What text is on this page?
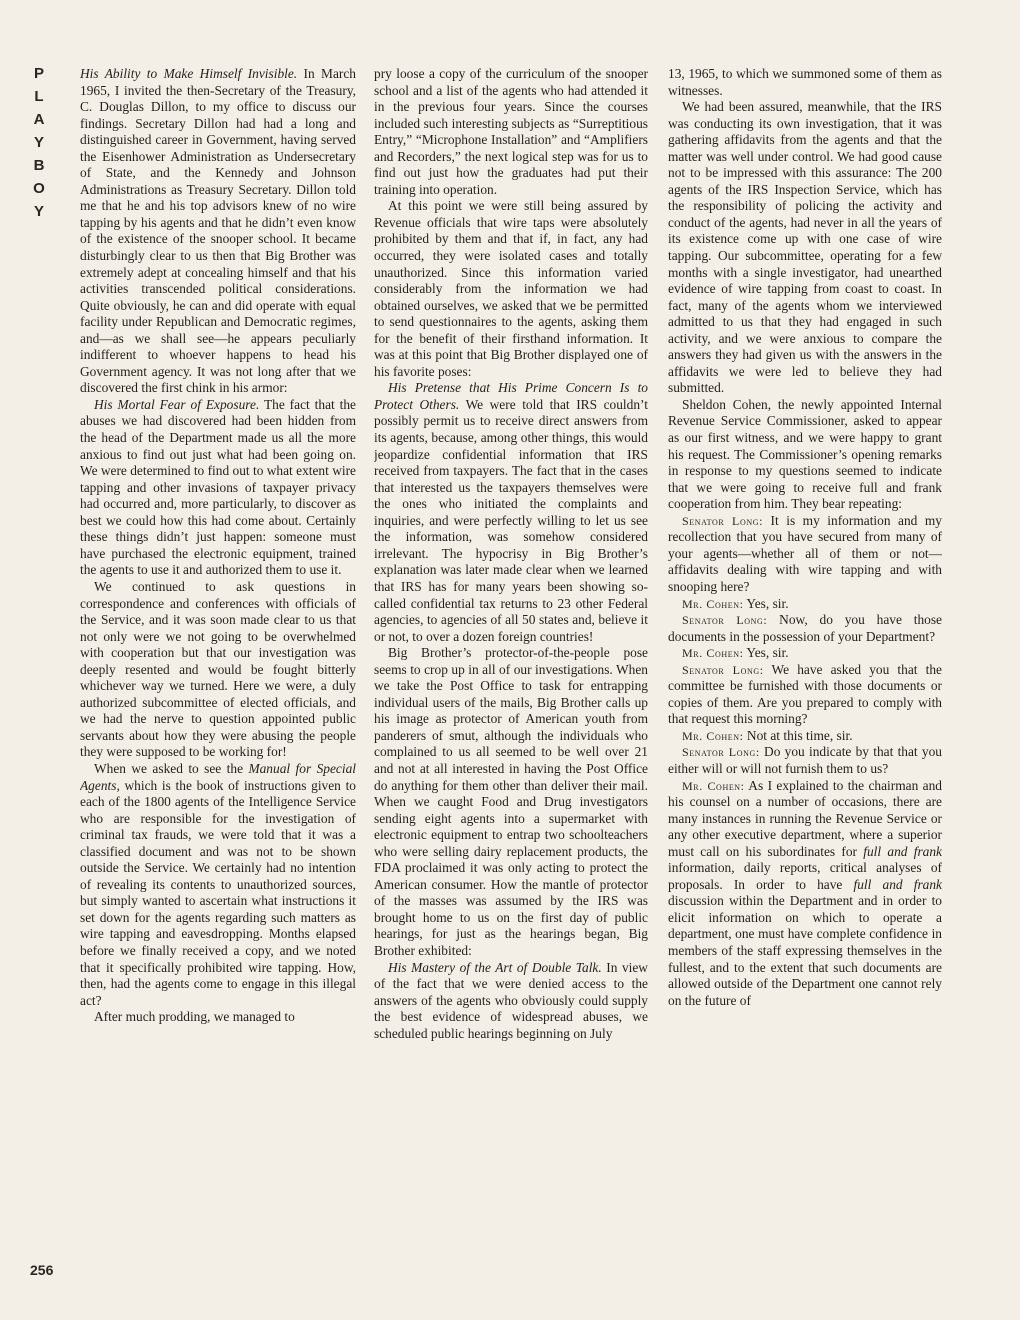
P
L
A
Y
B
O
Y

His Ability to Make Himself Invisible. In March 1965, I invited the then-Secretary of the Treasury, C. Douglas Dillon, to my office to discuss our findings. Secretary Dillon had had a long and distinguished career in Government, having served the Eisenhower Administration as Undersecretary of State, and the Kennedy and Johnson Administrations as Treasury Secretary. Dillon told me that he and his top advisors knew of no wire tapping by his agents and that he didn’t even know of the existence of the snooper school. It became disturbingly clear to us then that Big Brother was extremely adept at concealing himself and that his activities transcended political considerations. Quite obviously, he can and did operate with equal facility under Republican and Democratic regimes, and—as we shall see—he appears peculiarly indifferent to whoever happens to head his Government agency. It was not long after that we discovered the first chink in his armor:

His Mortal Fear of Exposure. The fact that the abuses we had discovered had been hidden from the head of the Department made us all the more anxious to find out just what had been going on. We were determined to find out to what extent wire tapping and other invasions of taxpayer privacy had occurred and, more particularly, to discover as best we could how this had come about. Certainly these things didn’t just happen: someone must have purchased the electronic equipment, trained the agents to use it and authorized them to use it.

We continued to ask questions in correspondence and conferences with officials of the Service, and it was soon made clear to us that not only were we not going to be overwhelmed with cooperation but that our investigation was deeply resented and would be fought bitterly whichever way we turned. Here we were, a duly authorized subcommittee of elected officials, and we had the nerve to question appointed public servants about how they were abusing the people they were supposed to be working for!

When we asked to see the Manual for Special Agents, which is the book of instructions given to each of the 1800 agents of the Intelligence Service who are responsible for the investigation of criminal tax frauds, we were told that it was a classified document and was not to be shown outside the Service. We certainly had no intention of revealing its contents to unauthorized sources, but simply wanted to ascertain what instructions it set down for the agents regarding such matters as wire tapping and eavesdropping. Months elapsed before we finally received a copy, and we noted that it specifically prohibited wire tapping. How, then, had the agents come to engage in this illegal act?

After much prodding, we managed to

pry loose a copy of the curriculum of the snooper school and a list of the agents who had attended it in the previous four years. Since the courses included such interesting subjects as “Surreptitious Entry,” “Microphone Installation” and “Amplifiers and Recorders,” the next logical step was for us to find out just how the graduates had put their training into operation.

At this point we were still being assured by Revenue officials that wire taps were absolutely prohibited by them and that if, in fact, any had occurred, they were isolated cases and totally unauthorized. Since this information varied considerably from the information we had obtained ourselves, we asked that we be permitted to send questionnaires to the agents, asking them for the benefit of their firsthand information. It was at this point that Big Brother displayed one of his favorite poses:

His Pretense that His Prime Concern Is to Protect Others. We were told that IRS couldn’t possibly permit us to receive direct answers from its agents, because, among other things, this would jeopardize confidential information that IRS received from taxpayers. The fact that in the cases that interested us the taxpayers themselves were the ones who initiated the complaints and inquiries, and were perfectly willing to let us see the information, was somehow considered irrelevant. The hypocrisy in Big Brother’s explanation was later made clear when we learned that IRS has for many years been showing so-called confidential tax returns to 23 other Federal agencies, to agencies of all 50 states and, believe it or not, to over a dozen foreign countries!

Big Brother’s protector-of-the-people pose seems to crop up in all of our investigations. When we take the Post Office to task for entrapping individual users of the mails, Big Brother calls up his image as protector of American youth from panderers of smut, although the individuals who complained to us all seemed to be well over 21 and not at all interested in having the Post Office do anything for them other than deliver their mail. When we caught Food and Drug investigators sending eight agents into a supermarket with electronic equipment to entrap two schoolteachers who were selling dairy replacement products, the FDA proclaimed it was only acting to protect the American consumer. How the mantle of protector of the masses was assumed by the IRS was brought home to us on the first day of public hearings, for just as the hearings began, Big Brother exhibited:

His Mastery of the Art of Double Talk. In view of the fact that we were denied access to the answers of the agents who obviously could supply the best evidence of widespread abuses, we scheduled public hearings beginning on July

13, 1965, to which we summoned some of them as witnesses.

We had been assured, meanwhile, that the IRS was conducting its own investigation, that it was gathering affidavits from the agents and that the matter was well under control. We had good cause not to be impressed with this assurance: The 200 agents of the IRS Inspection Service, which has the responsibility of policing the activity and conduct of the agents, had never in all the years of its existence come up with one case of wire tapping. Our subcommittee, operating for a few months with a single investigator, had unearthed evidence of wire tapping from coast to coast. In fact, many of the agents whom we interviewed admitted to us that they had engaged in such activity, and we were anxious to compare the answers they had given us with the answers in the affidavits we were led to believe they had submitted.

Sheldon Cohen, the newly appointed Internal Revenue Service Commissioner, asked to appear as our first witness, and we were happy to grant his request. The Commissioner’s opening remarks in response to my questions seemed to indicate that we were going to receive full and frank cooperation from him. They bear repeating:

Senator Long: It is my information and my recollection that you have secured from many of your agents—whether all of them or not—affidavits dealing with wire tapping and with snooping here?

Mr. Cohen: Yes, sir.

Senator Long: Now, do you have those documents in the possession of your Department?

Mr. Cohen: Yes, sir.

Senator Long: We have asked you that the committee be furnished with those documents or copies of them. Are you prepared to comply with that request this morning?

Mr. Cohen: Not at this time, sir.

Senator Long: Do you indicate by that that you either will or will not furnish them to us?

Mr. Cohen: As I explained to the chairman and his counsel on a number of occasions, there are many instances in running the Revenue Service or any other executive department, where a superior must call on his subordinates for full and frank information, daily reports, critical analyses of proposals. In order to have full and frank discussion within the Department and in order to elicit information on which to operate a department, one must have complete confidence in members of the staff expressing themselves in the fullest, and to the extent that such documents are allowed outside of the Department one cannot rely on the future of

256
